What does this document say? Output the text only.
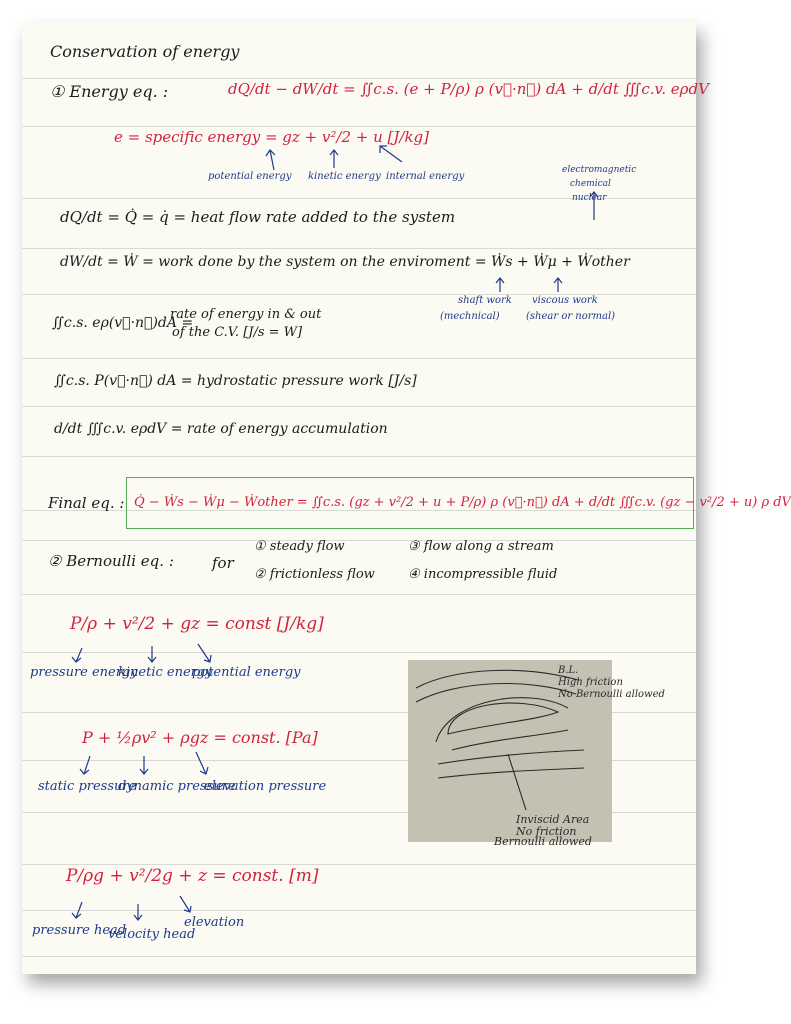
Conservation of energy
① Energy eq. :	dQ/dt − dW/dt = ∬c.s. (e + P/ρ) ρ (v⃗·n⃗) dA + d/dt ∭c.v. eρdV
e = specific energy = gz + v²/2 + u [J/kg]
potential energy kinetic energy internal energy
electromagnetic
chemical
nuclear
dQ/dt = Q̇ = q̇ = heat flow rate added to the system
dW/dt = Ẇ = work done by the system on the enviroment = Ẇs + Ẇμ + Ẇother
shaft work
(mechnical)
viscous work
(shear or normal)
∬c.s. eρ(v⃗·n⃗)dA =
rate of energy in & out
of the C.V. [J/s = W]
∬c.s. P(v⃗·n⃗) dA = hydrostatic pressure work [J/s]
d/dt ∭c.v. eρdV = rate of energy accumulation
Final eq. : Q̇ − Ẇs − Ẇμ − Ẇother = ∬c.s. (gz + v²/2 + u + P/ρ) ρ (v⃗·n⃗) dA + d/dt ∭c.v. (gz − v²/2 + u) ρ dV
② Bernoulli eq. :	for
① steady flow
② frictionless flow
③ flow along a stream
④ incompressible fluid
P/ρ + v²/2 + gz = const [J/kg]
pressure energy
kinetic energy
potential energy
P + ½ρv² + ρgz = const. [Pa]
static pressure
dynamic pressure
elevation pressure
P/ρg + v²/2g + z = const. [m]
pressure head
velocity head
elevation
B.L.
High friction
No Bernoulli allowed
Inviscid Area
No friction
Bernoulli allowed
